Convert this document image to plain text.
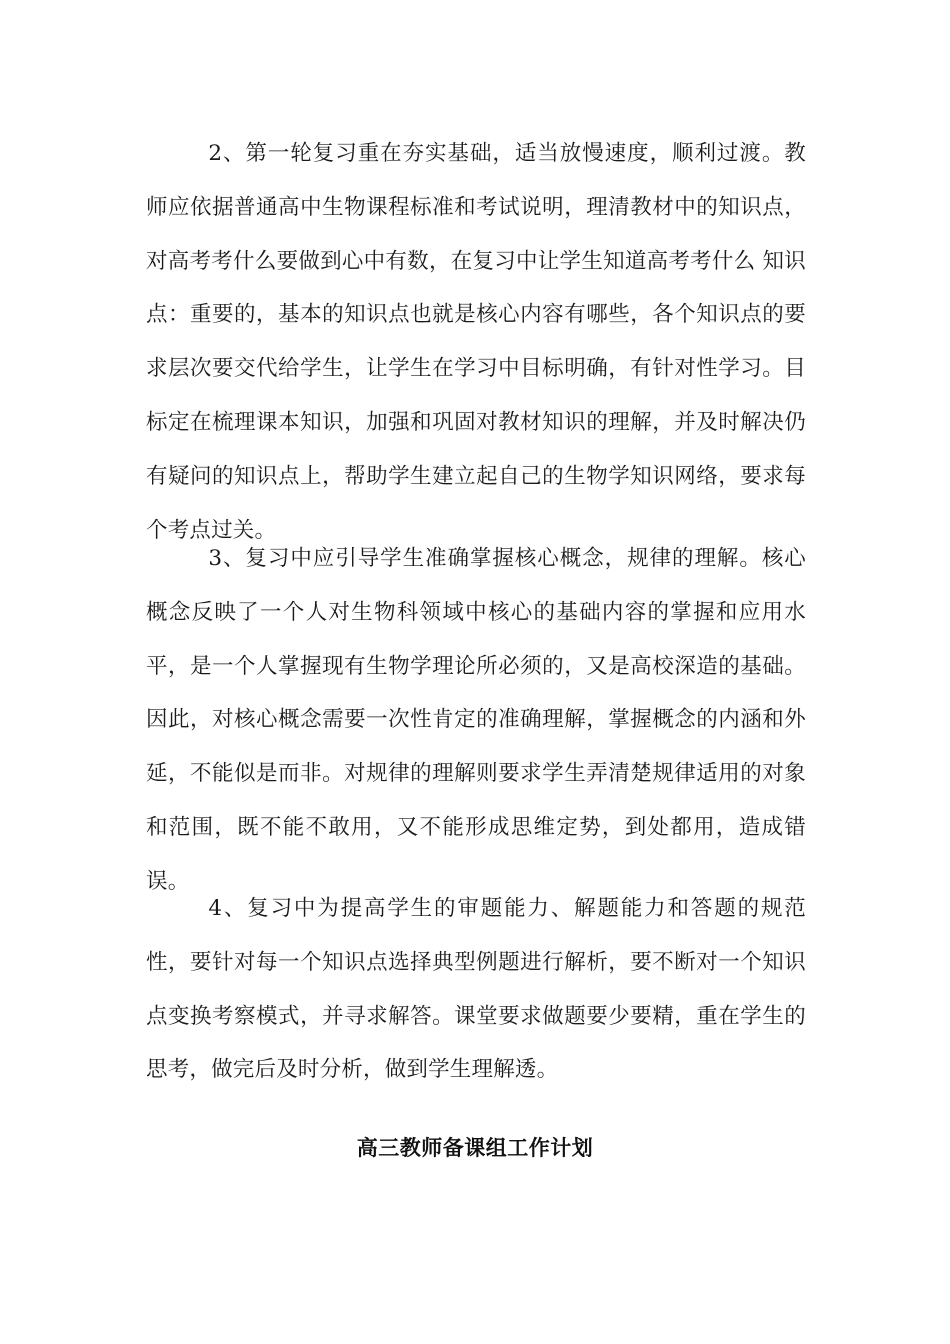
2、第一轮复习重在夯实基础，适当放慢速度，顺利过渡。教师应依据普通高中生物课程标准和考试说明，理清教材中的知识点，对高考考什么要做到心中有数，在复习中让学生知道高考考什么 知识点：重要的，基本的知识点也就是核心内容有哪些，各个知识点的要求层次要交代给学生，让学生在学习中目标明确，有针对性学习。目标定在梳理课本知识，加强和巩固对教材知识的理解，并及时解决仍有疑问的知识点上，帮助学生建立起自己的生物学知识网络，要求每个考点过关。

3、复习中应引导学生准确掌握核心概念，规律的理解。核心概念反映了一个人对生物科领域中核心的基础内容的掌握和应用水平，是一个人掌握现有生物学理论所必须的，又是高校深造的基础。因此，对核心概念需要一次性肯定的准确理解，掌握概念的内涵和外延，不能似是而非。对规律的理解则要求学生弄清楚规律适用的对象和范围，既不能不敢用，又不能形成思维定势，到处都用，造成错误。

4、复习中为提高学生的审题能力、解题能力和答题的规范性，要针对每一个知识点选择典型例题进行解析，要不断对一个知识点变换考察模式，并寻求解答。课堂要求做题要少要精，重在学生的思考，做完后及时分析，做到学生理解透。

高三教师备课组工作计划
